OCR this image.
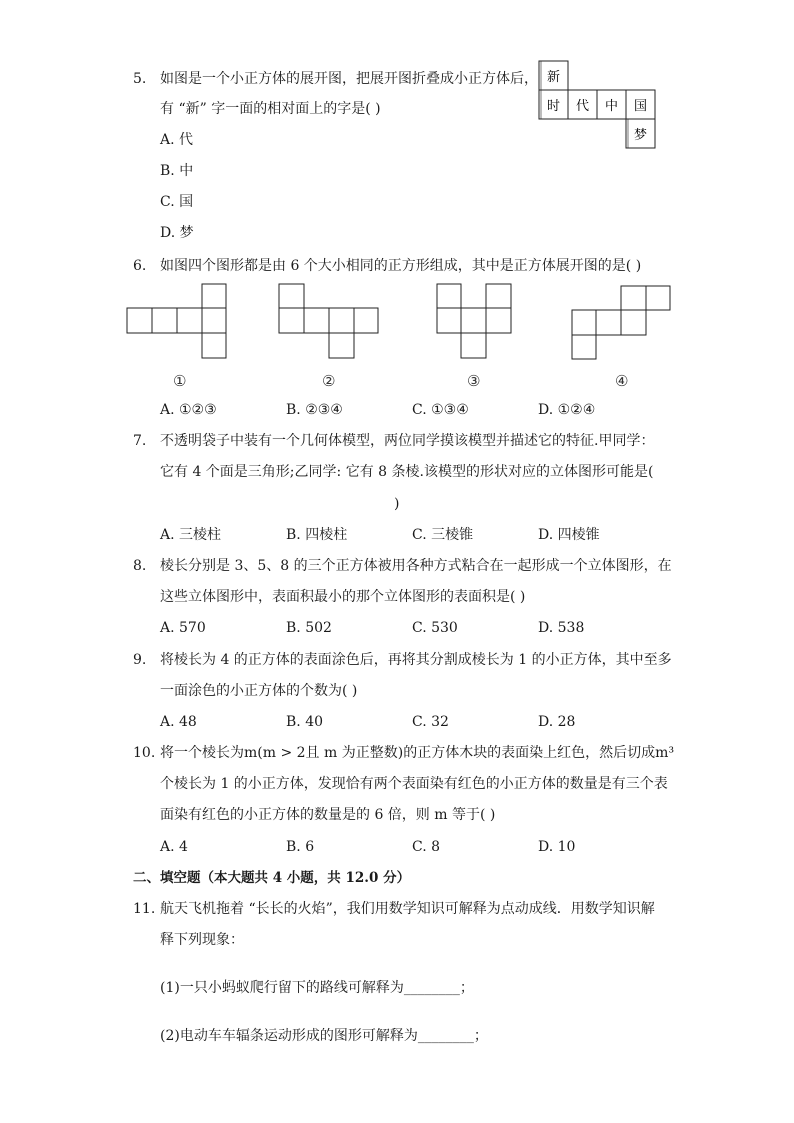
5. 如图是一个小正方体的展开图，把展开图折叠成小正方体后，
有 “新” 字一面的相对面上的字是( )
A. 代
B. 中
C. 国
D. 梦
新
时 代 中 国
梦
6. 如图四个图形都是由 6 个大小相同的正方形组成，其中是正方体展开图的是( )
①	②	③	④
A. ①②③	B. ②③④	C. ①③④	D. ①②④
7. 不透明袋子中装有一个几何体模型，两位同学摸该模型并描述它的特征.甲同学：
它有 4 个面是三角形;乙同学: 它有 8 条棱.该模型的形状对应的立体图形可能是(
)
A. 三棱柱	B. 四棱柱	C. 三棱锥	D. 四棱锥
8. 棱长分别是 3、5、8 的三个正方体被用各种方式粘合在一起形成一个立体图形，在
这些立体图形中，表面积最小的那个立体图形的表面积是( )
A. 570	B. 502	C. 530	D. 538
9. 将棱长为 4 的正方体的表面涂色后，再将其分割成棱长为 1 的小正方体，其中至多
一面涂色的小正方体的个数为( )
A. 48	B. 40	C. 32	D. 28
10. 将一个棱长为m(m > 2且 m 为正整数)的正方体木块的表面染上红色，然后切成m³
个棱长为 1 的小正方体，发现恰有两个表面染有红色的小正方体的数量是有三个表
面染有红色的小正方体的数量是的 6 倍，则 m 等于( )
A. 4	B. 6	C. 8	D. 10
二、填空题（本大题共 4 小题，共 12.0 分）
11. 航天飞机拖着 “长长的火焰”，我们用数学知识可解释为点动成线．用数学知识解
释下列现象：
(1)一只小蚂蚁爬行留下的路线可解释为________；
(2)电动车车辐条运动形成的图形可解释为________；
